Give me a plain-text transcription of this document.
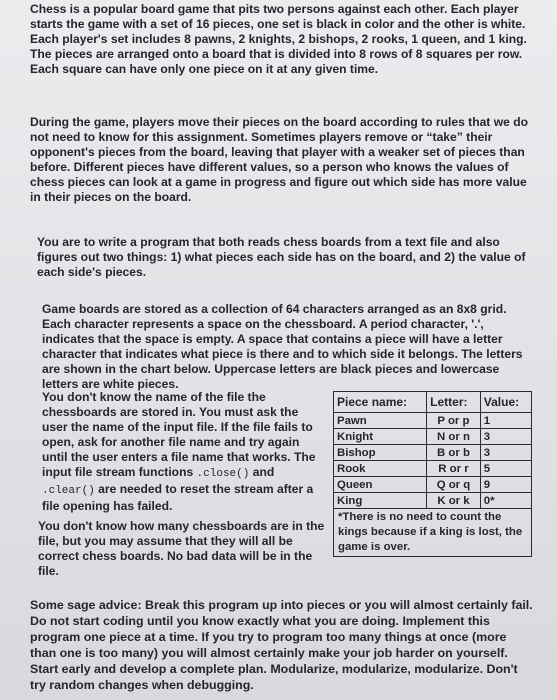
Chess is a popular board game that pits two persons against each other. Each player starts the game with a set of 16 pieces, one set is black in color and the other is white. Each player's set includes 8 pawns, 2 knights, 2 bishops, 2 rooks, 1 queen, and 1 king. The pieces are arranged onto a board that is divided into 8 rows of 8 squares per row. Each square can have only one piece on it at any given time.

During the game, players move their pieces on the board according to rules that we do not need to know for this assignment. Sometimes players remove or “take” their opponent's pieces from the board, leaving that player with a weaker set of pieces than before. Different pieces have different values, so a person who knows the values of chess pieces can look at a game in progress and figure out which side has more value in their pieces on the board.

You are to write a program that both reads chess boards from a text file and also figures out two things: 1) what pieces each side has on the board, and 2) the value of each side's pieces.

Game boards are stored as a collection of 64 characters arranged as an 8x8 grid. Each character represents a space on the chessboard. A period character, '.', indicates that the space is empty. A space that contains a piece will have a letter character that indicates what piece is there and to which side it belongs. The letters are shown in the chart below. Uppercase letters are black pieces and lowercase letters are white pieces.

You don't know the name of the file the chessboards are stored in. You must ask the user the name of the input file. If the file fails to open, ask for another file name and try again until the user enters a file name that works. The input file stream functions .close() and .clear() are needed to reset the stream after a file opening has failed.

You don't know how many chessboards are in the file, but you may assume that they will all be correct chess boards. No bad data will be in the file.

Piece name:	Letter:	Value:
Pawn	P or p	1
Knight	N or n	3
Bishop	B or b	3
Rook	R or r	5
Queen	Q or q	9
King	K or k	0*
*There is no need to count the kings because if a king is lost, the game is over.		

Some sage advice: Break this program up into pieces or you will almost certainly fail. Do not start coding until you know exactly what you are doing. Implement this program one piece at a time. If you try to program too many things at once (more than one is too many) you will almost certainly make your job harder on yourself. Start early and develop a complete plan. Modularize, modularize, modularize. Don't try random changes when debugging.
